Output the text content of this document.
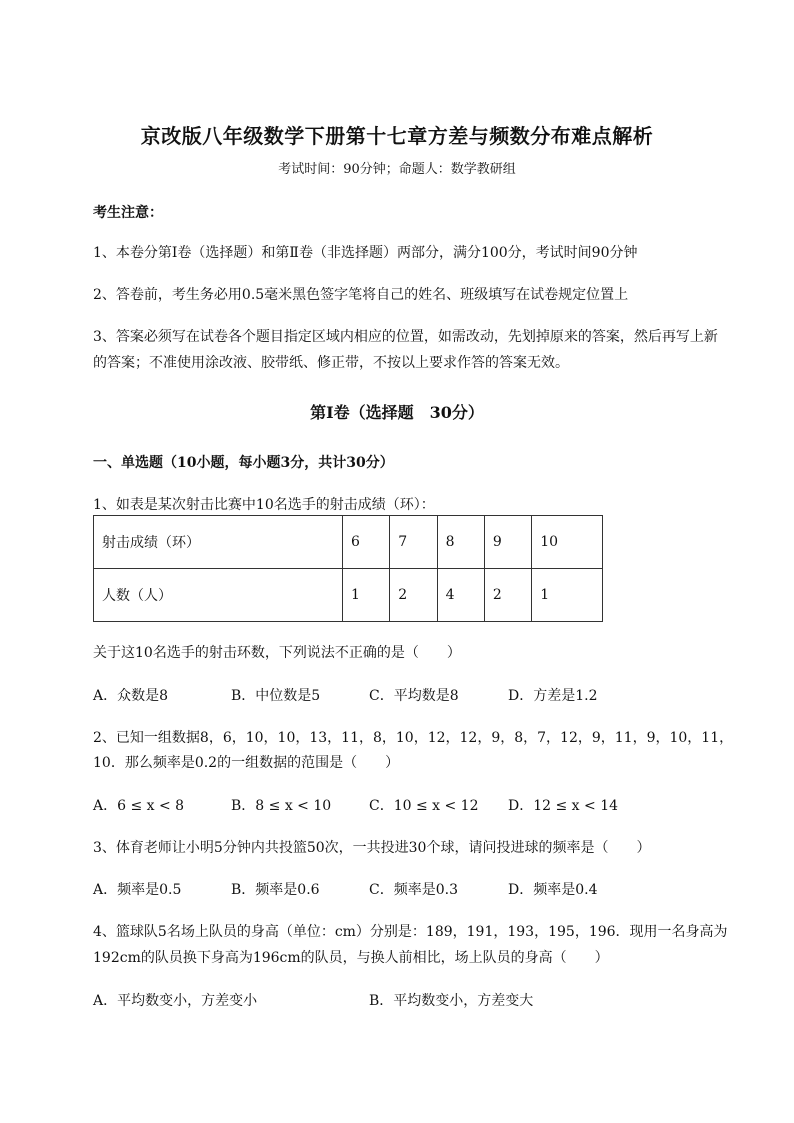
京改版八年级数学下册第十七章方差与频数分布难点解析
考试时间：90分钟；命题人：数学教研组
考生注意：
1、本卷分第Ⅰ卷（选择题）和第Ⅱ卷（非选择题）两部分，满分100分，考试时间90分钟
2、答卷前，考生务必用0.5毫米黑色签字笔将自己的姓名、班级填写在试卷规定位置上
3、答案必须写在试卷各个题目指定区域内相应的位置，如需改动，先划掉原来的答案，然后再写上新
的答案；不准使用涂改液、胶带纸、修正带，不按以上要求作答的答案无效。
第Ⅰ卷（选择题　30分）
一、单选题（10小题，每小题3分，共计30分）
1、如表是某次射击比赛中10名选手的射击成绩（环）：
射击成绩（环）	6	7	8	9	10
人数（人）	1	2	4	2	1
关于这10名选手的射击环数，下列说法不正确的是（　　）
A．众数是8	B．中位数是5	C．平均数是8	D．方差是1.2
2、已知一组数据8，6，10，10，13，11，8，10，12，12，9，8，7，12，9，11，9，10，11，
10．那么频率是0.2的一组数据的范围是（　　）
A．6 ≤ x < 8	B．8 ≤ x < 10	C．10 ≤ x < 12 D．12 ≤ x < 14
3、体育老师让小明5分钟内共投篮50次，一共投进30个球，请问投进球的频率是（　　）
A．频率是0.5	B．频率是0.6	C．频率是0.3	D．频率是0.4
4、篮球队5名场上队员的身高（单位：cm）分别是：189，191，193，195，196．现用一名身高为
192cm的队员换下身高为196cm的队员，与换人前相比，场上队员的身高（　　）
A．平均数变小，方差变小	B．平均数变小，方差变大
